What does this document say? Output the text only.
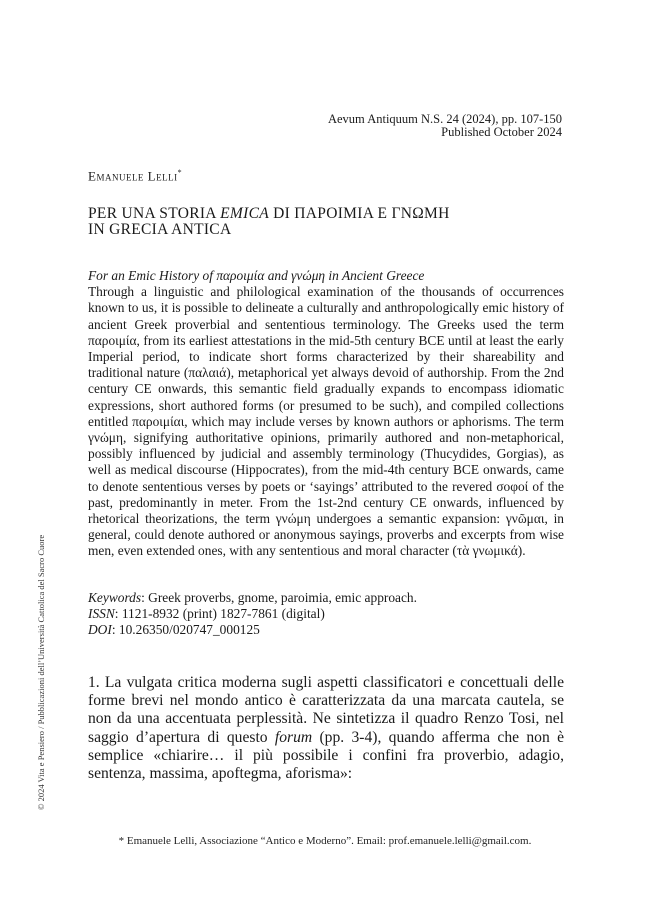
Aevum Antiquum N.S. 24 (2024), pp. 107-150
Published October 2024
Emanuele Lelli*
PER UNA STORIA EMICA DI ΠΑΡΟΙΜΙΑ E ΓΝΩΜΗ
IN GRECIA ANTICA
For an Emic History of παροιμία and γνώμη in Ancient Greece
Through a linguistic and philological examination of the thousands of occurrences known to us, it is possible to delineate a culturally and anthropologically emic history of ancient Greek proverbial and sententious terminology. The Greeks used the term παροιμία, from its earliest attestations in the mid-5th century BCE until at least the early Imperial period, to indicate short forms characterized by their shareability and traditional nature (παλαιά), metaphorical yet always devoid of authorship. From the 2nd century CE onwards, this semantic field gradually expands to encompass idiomatic expressions, short authored forms (or presumed to be such), and compiled collections entitled παροιμίαι, which may include verses by known authors or aphorisms. The term γνώμη, signifying authoritative opinions, primarily authored and non-metaphorical, possibly influenced by judicial and assembly terminology (Thucydides, Gorgias), as well as medical discourse (Hippocrates), from the mid-4th century BCE onwards, came to denote sententious verses by poets or ‘sayings’ attributed to the revered σοφοί of the past, predominantly in meter. From the 1st-2nd century CE onwards, influenced by rhetorical theorizations, the term γνώμη undergoes a semantic expansion: γνῶμαι, in general, could denote authored or anonymous sayings, proverbs and excerpts from wise men, even extended ones, with any sententious and moral character (τὰ γνωμικά).
Keywords: Greek proverbs, gnome, paroimia, emic approach.
ISSN: 1121-8932 (print) 1827-7861 (digital)
DOI: 10.26350/020747_000125
1. La vulgata critica moderna sugli aspetti classificatori e concettuali delle forme brevi nel mondo antico è caratterizzata da una marcata cautela, se non da una accentuata perplessità. Ne sintetizza il quadro Renzo Tosi, nel saggio d’apertura di questo forum (pp. 3-4), quando afferma che non è semplice «chiarire… il più possibile i confini fra proverbio, adagio, sentenza, massima, apoftegma, aforisma»:
© 2024 Vita e Pensiero / Pubblicazioni dell’Università Cattolica del Sacro Cuore
* Emanuele Lelli, Associazione “Antico e Moderno”. Email: prof.emanuele.lelli@gmail.com.
